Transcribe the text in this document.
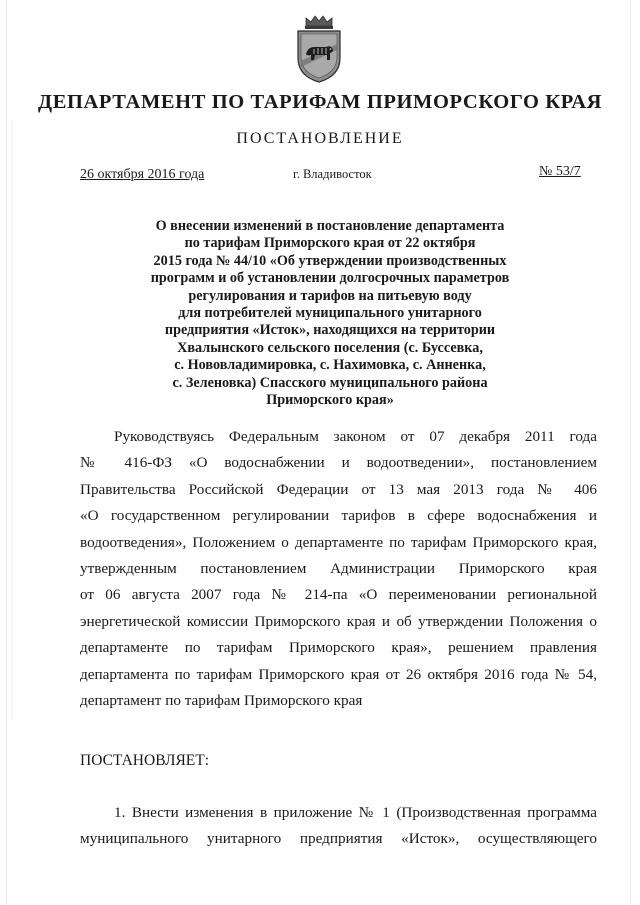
ДЕПАРТАМЕНТ ПО ТАРИФАМ ПРИМОРСКОГО КРАЯ
ПОСТАНОВЛЕНИЕ
26 октября 2016 года	г. Владивосток	№ 53/7
О внесении изменений в постановление департамента
по тарифам Приморского края от 22 октября
2015 года № 44/10 «Об утверждении производственных
программ и об установлении долгосрочных параметров
регулирования и тарифов на питьевую воду
для потребителей муниципального унитарного
предприятия «Исток», находящихся на территории
Хвалынского сельского поселения (с. Буссевка,
с. Нововладимировка, с. Нахимовка, с. Анненка,
с. Зеленовка) Спасского муниципального района
Приморского края»
Руководствуясь Федеральным законом от 07 декабря 2011 года
№ 416-ФЗ «О водоснабжении и водоотведении», постановлением
Правительства Российской Федерации от 13 мая 2013 года № 406
«О государственном регулировании тарифов в сфере водоснабжения и
водоотведения», Положением о департаменте по тарифам Приморского края,
утвержденным постановлением Администрации Приморского края
от 06 августа 2007 года № 214-па «О переименовании региональной
энергетической комиссии Приморского края и об утверждении Положения о
департаменте по тарифам Приморского края», решением правления
департамента по тарифам Приморского края от 26 октября 2016 года № 54,
департамент по тарифам Приморского края
ПОСТАНОВЛЯЕТ:
1. Внести изменения в приложение № 1 (Производственная программа
муниципального унитарного предприятия «Исток», осуществляющего
